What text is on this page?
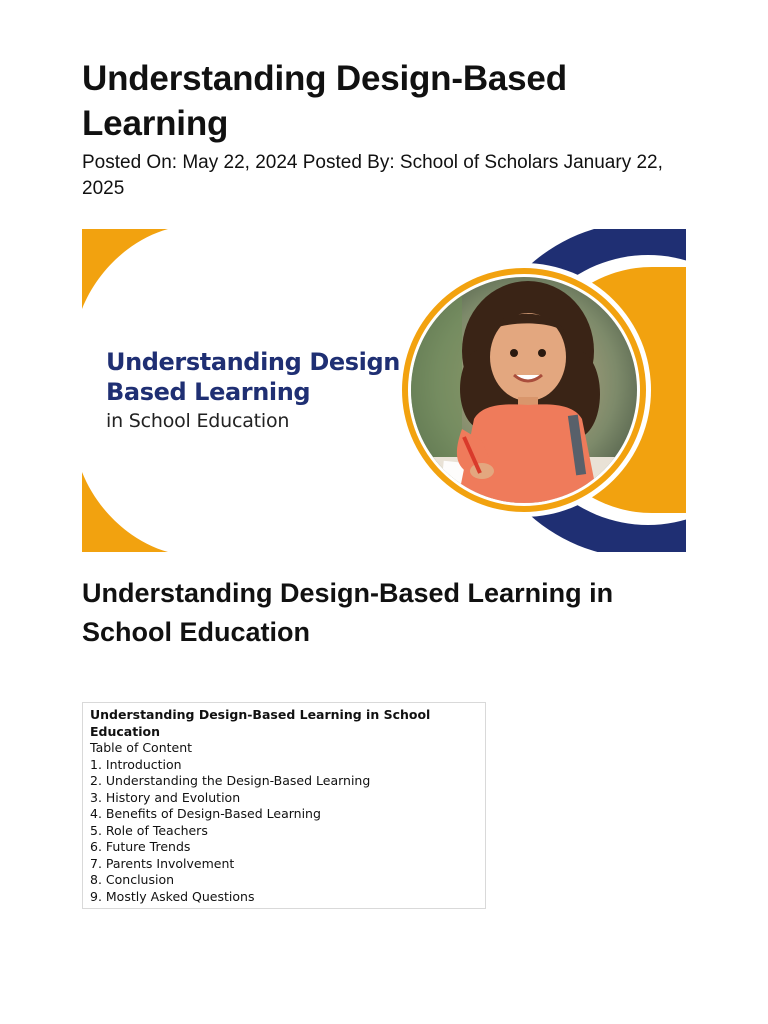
Understanding Design-Based Learning

Posted On: May 22, 2024 Posted By: School of Scholars January 22, 2025

Understanding Design
Based Learning
in School Education
Understanding Design-Based Learning in School Education
Understanding Design-Based Learning in School Education
Table of Content
1. Introduction
2. Understanding the Design-Based Learning
3. History and Evolution
4. Benefits of Design-Based Learning
5. Role of Teachers
6. Future Trends
7. Parents Involvement
8. Conclusion
9. Mostly Asked Questions
